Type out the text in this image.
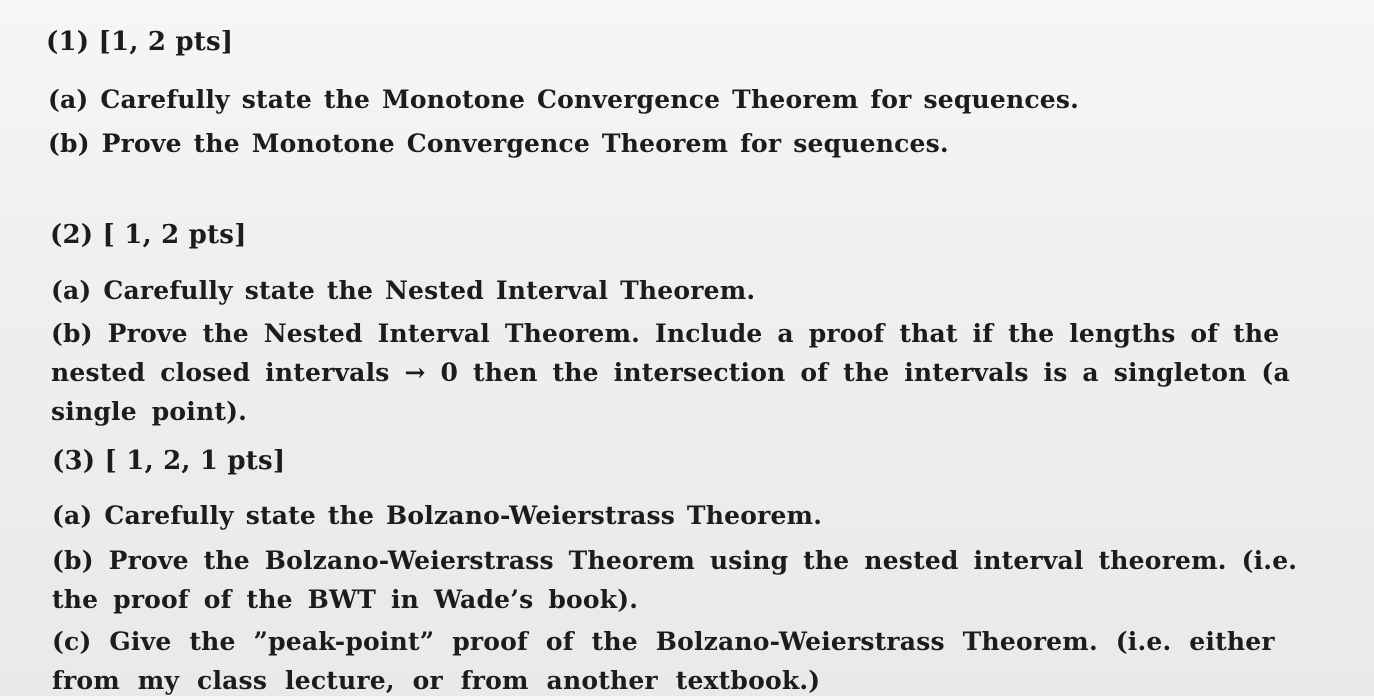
(1) [1, 2 pts]
(a) Carefully state the Monotone Convergence Theorem for sequences.
(b) Prove the Monotone Convergence Theorem for sequences.
(2) [ 1, 2 pts]
(a) Carefully state the Nested Interval Theorem.
(b) Prove the Nested Interval Theorem. Include a proof that if the lengths of the nested closed intervals → 0 then the intersection of the intervals is a singleton (a single point).
(3) [ 1, 2, 1 pts]
(a) Carefully state the Bolzano-Weierstrass Theorem.
(b) Prove the Bolzano-Weierstrass Theorem using the nested interval theorem. (i.e. the proof of the BWT in Wade’s book).
(c) Give the ”peak-point” proof of the Bolzano-Weierstrass Theorem. (i.e. either from my class lecture, or from another textbook.)
